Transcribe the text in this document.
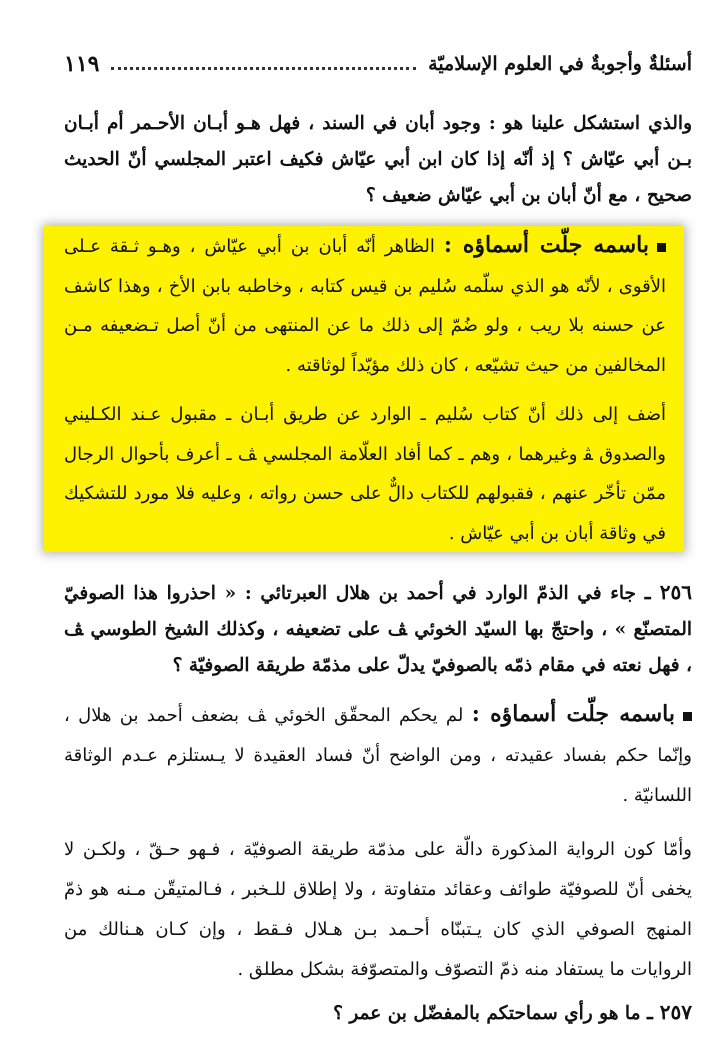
أسئلةٌ وأجوبةٌ في العلوم الإسلاميّة
١١٩

والذي استشكل علينا هو : وجود أبان في السند ، فهل هـو أبـان الأحـمر أم أبـان بـن أبي عيّاش ؟ إذ أنّه إذا كان ابن أبي عيّاش فكيف اعتبر المجلسي أنّ الحديث صحيح ، مع أنّ أبان بن أبي عيّاش ضعيف ؟

باسمه جلّت أسماؤه : الظاهر أنّه أبان بن أبي عيّاش ، وهـو ثـقة عـلى الأقوى ، لأنّه هو الذي سلّمه سُليم بن قيس كتابه ، وخاطبه بابن الأخ ، وهذا كاشف عن حسنه بلا ريب ، ولو ضُمّ إلى ذلك ما عن المنتهى من أنّ أصل تـضعيفه مـن المخالفين من حيث تشيّعه ، كان ذلك مؤيّداً لوثاقته .

أضف إلى ذلك أنّ كتاب سُليم ـ الوارد عن طريق أبـان ـ مقبول عـند الكـليني والصدوق ﭭ وغيرهما ، وهم ـ كما أفاد العلّامة المجلسي ﭫ ـ أعرف بأحوال الرجال ممّن تأخّر عنهم ، فقبولهم للكتاب دالٌّ على حسن رواته ، وعليه فلا مورد للتشكيك في وثاقة أبان بن أبي عيّاش .

٢٥٦ ـ جاء في الذمّ الوارد في أحمد بن هلال العبرتائي : « احذروا هذا الصوفيّ المتصنّع » ، واحتجّ بها السيّد الخوئي ﭫ على تضعيفه ، وكذلك الشيخ الطوسي ﭫ ، فهل نعته في مقام ذمّه بالصوفيّ يدلّ على مذمّة طريقة الصوفيّة ؟

باسمه جلّت أسماؤه : لم يحكم المحقّق الخوئي ﭫ بضعف أحمد بن هلال ، وإنّما حكم بفساد عقيدته ، ومن الواضح أنّ فساد العقيدة لا يـستلزم عـدم الوثاقة اللسانيّة .

وأمّا كون الرواية المذكورة دالّة على مذمّة طريقة الصوفيّة ، فـهو حـقّ ، ولكـن لا يخفى أنّ للصوفيّة طوائف وعقائد متفاوتة ، ولا إطلاق للـخبر ، فـالمتيقّن مـنه هو ذمّ المنهج الصوفي الذي كان يـتبنّاه أحـمد بـن هـلال فـقط ، وإن كـان هـنالك من الروايات ما يستفاد منه ذمّ التصوّف والمتصوّفة بشكل مطلق .

٢٥٧ ـ ما هو رأي سماحتكم بالمفضّل بن عمر ؟
